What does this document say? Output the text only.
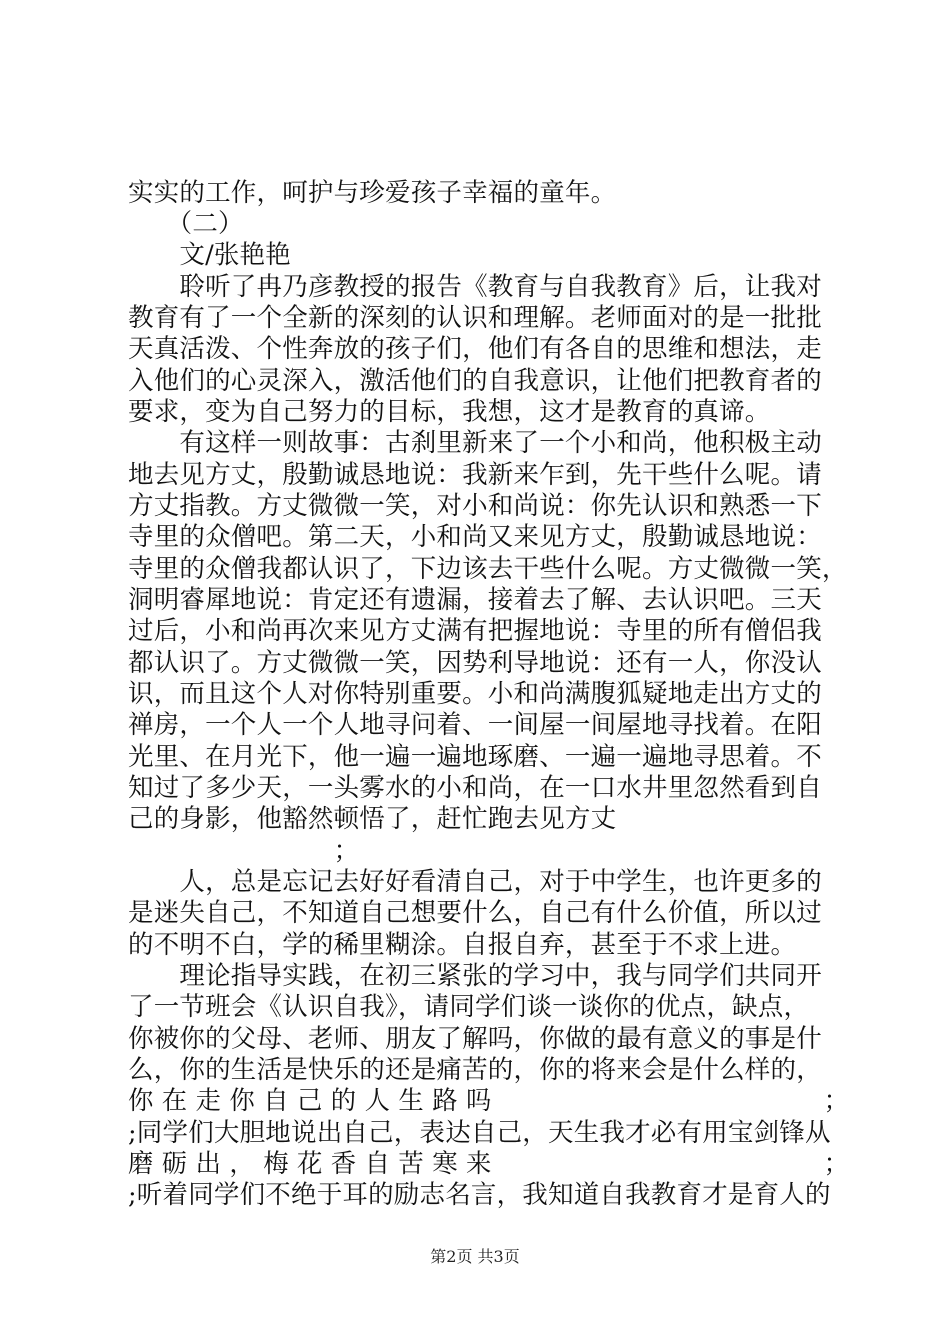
实实的工作，呵护与珍爱孩子幸福的童年。
　　（二）
　　文/张艳艳
　　聆听了冉乃彦教授的报告《教育与自我教育》后，让我对
教育有了一个全新的深刻的认识和理解。老师面对的是一批批
天真活泼、个性奔放的孩子们，他们有各自的思维和想法，走
入他们的心灵深入，激活他们的自我意识，让他们把教育者的
要求，变为自己努力的目标，我想，这才是教育的真谛。
　　有这样一则故事：古刹里新来了一个小和尚，他积极主动
地去见方丈，殷勤诚恳地说：我新来乍到，先干些什么呢。请
方丈指教。方丈微微一笑，对小和尚说：你先认识和熟悉一下
寺里的众僧吧。第二天，小和尚又来见方丈，殷勤诚恳地说：
寺里的众僧我都认识了，下边该去干些什么呢。方丈微微一笑，
洞明睿犀地说：肯定还有遗漏，接着去了解、去认识吧。三天
过后，小和尚再次来见方丈满有把握地说：寺里的所有僧侣我
都认识了。方丈微微一笑，因势利导地说：还有一人，你没认
识，而且这个人对你特别重要。小和尚满腹狐疑地走出方丈的
禅房，一个人一个人地寻问着、一间屋一间屋地寻找着。在阳
光里、在月光下，他一遍一遍地琢磨、一遍一遍地寻思着。不
知过了多少天，一头雾水的小和尚，在一口水井里忽然看到自
己的身影，他豁然顿悟了，赶忙跑去见方丈
　　　　　　　　；
　　人，总是忘记去好好看清自己，对于中学生，也许更多的
是迷失自己，不知道自己想要什么，自己有什么价值，所以过
的不明不白，学的稀里糊涂。自报自弃，甚至于不求上进。
　　理论指导实践，在初三紧张的学习中，我与同学们共同开
了一节班会《认识自我》，请同学们谈一谈你的优点，缺点，
你被你的父母、老师、朋友了解吗，你做的最有意义的事是什
么，你的生活是快乐的还是痛苦的，你的将来会是什么样的，
你 在 走 你 自 己 的 人 生 路 吗　　　　　　　　　　　　　；
;同学们大胆地说出自己，表达自己，天生我才必有用宝剑锋从
磨 砺 出 ， 梅 花 香 自 苦 寒 来　　　　　　　　　　　　　；
;听着同学们不绝于耳的励志名言，我知道自我教育才是育人的
第2页 共3页
